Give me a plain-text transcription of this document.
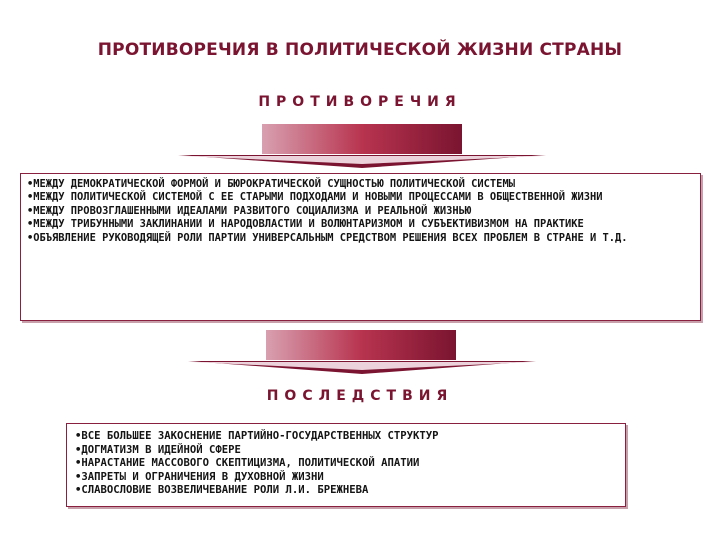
ПРОТИВОРЕЧИЯ В ПОЛИТИЧЕСКОЙ ЖИЗНИ СТРАНЫ
ПРОТИВОРЕЧИЯ
•МЕЖДУ ДЕМОКРАТИЧЕСКОЙ ФОРМОЙ И БЮРОКРАТИЧЕСКОЙ СУЩНОСТЬЮ ПОЛИТИЧЕСКОЙ СИСТЕМЫ
•МЕЖДУ ПОЛИТИЧЕСКОЙ СИСТЕМОЙ С ЕЕ СТАРЫМИ ПОДХОДАМИ И НОВЫМИ ПРОЦЕССАМИ В ОБЩЕСТВЕННОЙ ЖИЗНИ
•МЕЖДУ ПРОВОЗГЛАШЕННЫМИ ИДЕАЛАМИ РАЗВИТОГО СОЦИАЛИЗМА И РЕАЛЬНОЙ ЖИЗНЬЮ
•МЕЖДУ ТРИБУННЫМИ ЗАКЛИНАНИИ И НАРОДОВЛАСТИИ И ВОЛЮНТАРИЗМОМ И СУБЪЕКТИВИЗМОМ НА ПРАКТИКЕ
•ОБЪЯВЛЕНИЕ РУКОВОДЯЩЕЙ РОЛИ ПАРТИИ УНИВЕРСАЛЬНЫМ СРЕДСТВОМ РЕШЕНИЯ ВСЕХ ПРОБЛЕМ В СТРАНЕ И Т.Д.
ПОСЛЕДСТВИЯ
•ВСЕ БОЛЬШЕЕ ЗАКОСНЕНИЕ ПАРТИЙНО-ГОСУДАРСТВЕННЫХ СТРУКТУР
•ДОГМАТИЗМ В ИДЕЙНОЙ СФЕРЕ
•НАРАСТАНИЕ МАССОВОГО СКЕПТИЦИЗМА, ПОЛИТИЧЕСКОЙ АПАТИИ
•ЗАПРЕТЫ И ОГРАНИЧЕНИЯ В ДУХОВНОЙ ЖИЗНИ
•СЛАВОСЛОВИЕ ВОЗВЕЛИЧЕВАНИЕ РОЛИ Л.И. БРЕЖНЕВА
